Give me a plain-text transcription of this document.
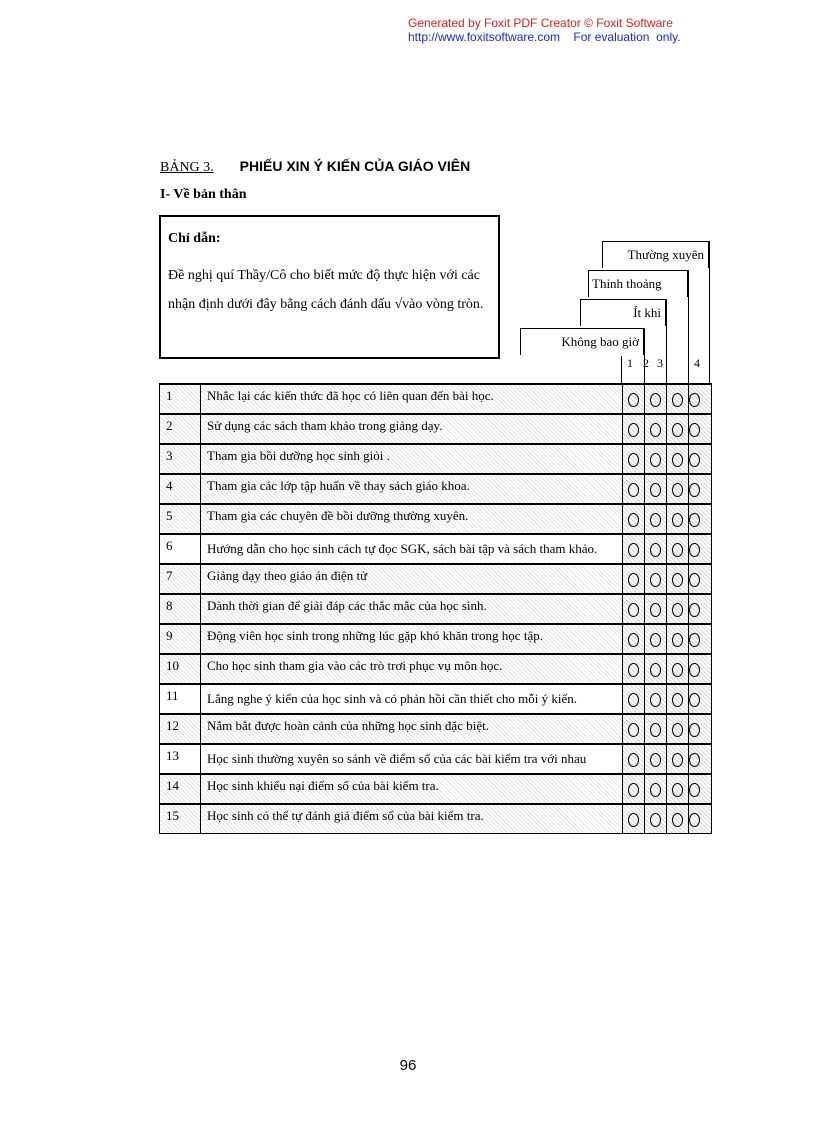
Generated by Foxit PDF Creator © Foxit Software
http://www.foxitsoftware.com    For evaluation  only.
BẢNG 3. PHIẾU XIN Ý KIẾN CỦA GIÁO VIÊN
I- Về bản thân
Chỉ dẫn:
Đề nghị quí Thầy/Cô cho biết mức độ thực hiện với các nhận định dưới đây bằng cách đánh dấu √vào vòng tròn.
Thường xuyên
Thỉnh thoảng
Ít khi
Không bao giờ
1 2 3	4
1	Nhắc lại các kiến thức đã học có liên quan đến bài học.				
2	Sử dụng các sách tham khảo trong giảng dạy.				
3	Tham gia bồi dưỡng học sinh giỏi .				
4	Tham gia các lớp tập huấn về thay sách giáo khoa.				
5	Tham gia các chuyên đề bồi dưỡng thường xuyên.				
6	Hướng dẫn cho học sinh cách tự đọc SGK, sách bài tập và sách tham khảo.				
7	Giảng dạy theo giáo án điện tử				
8	Dành thời gian để giải đáp các thắc mắc của học sinh.				
9	Động viên học sinh trong những lúc gặp khó khăn trong học tập.				
10	Cho học sinh tham gia vào các trò trơi phục vụ môn học.				
11	Lắng nghe ý kiến của học sinh và có phản hồi cần thiết cho mỗi ý kiến.				
12	Nắm bắt được hoàn cảnh của những học sinh đặc biệt.				
13	Học sinh thường xuyên so sánh về điểm số của các bài kiểm tra với nhau				
14	Học sinh khiếu nại điểm số của bài kiểm tra.				
15	Học sinh có thể tự đánh giá điểm số của bài kiểm tra.				
96
